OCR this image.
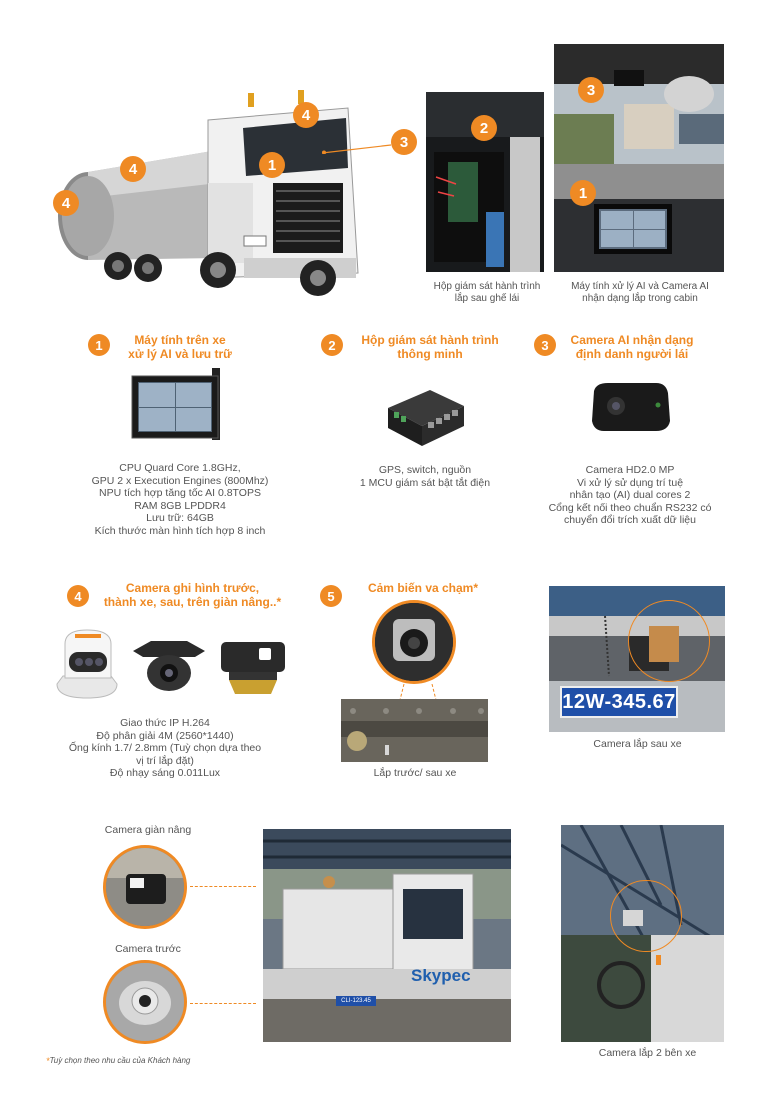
1
3
4
4
4
2
Hộp giám sát hành trình
lắp sau ghế lái
3
1
Máy tính xử lý AI và Camera AI
nhận dạng lắp trong cabin
1	Máy tính trên xe
xử lý AI và lưu trữ
CPU Quard Core 1.8GHz,
GPU 2 x Execution Engines (800Mhz)
NPU tích hợp tăng tốc AI 0.8TOPS
RAM 8GB LPDDR4
Lưu trữ: 64GB
Kích thước màn hình tích hợp 8 inch
2	Hộp giám sát hành trình
thông minh
GPS, switch, nguồn
1 MCU giám sát bật tắt điện
3	Camera AI nhận dạng
định danh người lái
Camera HD2.0 MP
Vi xử lý sử dụng trí tuệ
nhân tạo (AI) dual cores 2
Cổng kết nối theo chuẩn RS232 có
chuyển đổi trích xuất dữ liệu
4
Camera ghi hình trước,
thành xe, sau, trên giàn nâng..*
Giao thức IP H.264
Độ phân giải 4M (2560*1440)
Ống kính 1.7/ 2.8mm (Tuỳ chọn dựa theo
vị trí lắp đặt)
Độ nhạy sáng 0.011Lux
5
Cảm biến va chạm*
Lắp trước/ sau xe
12W-345.67
Camera lắp sau xe
Camera giàn nâng
Camera trước
Skypec
CLI-123.45
Camera lắp 2 bên xe
*Tuỳ chọn theo nhu cầu của Khách hàng
